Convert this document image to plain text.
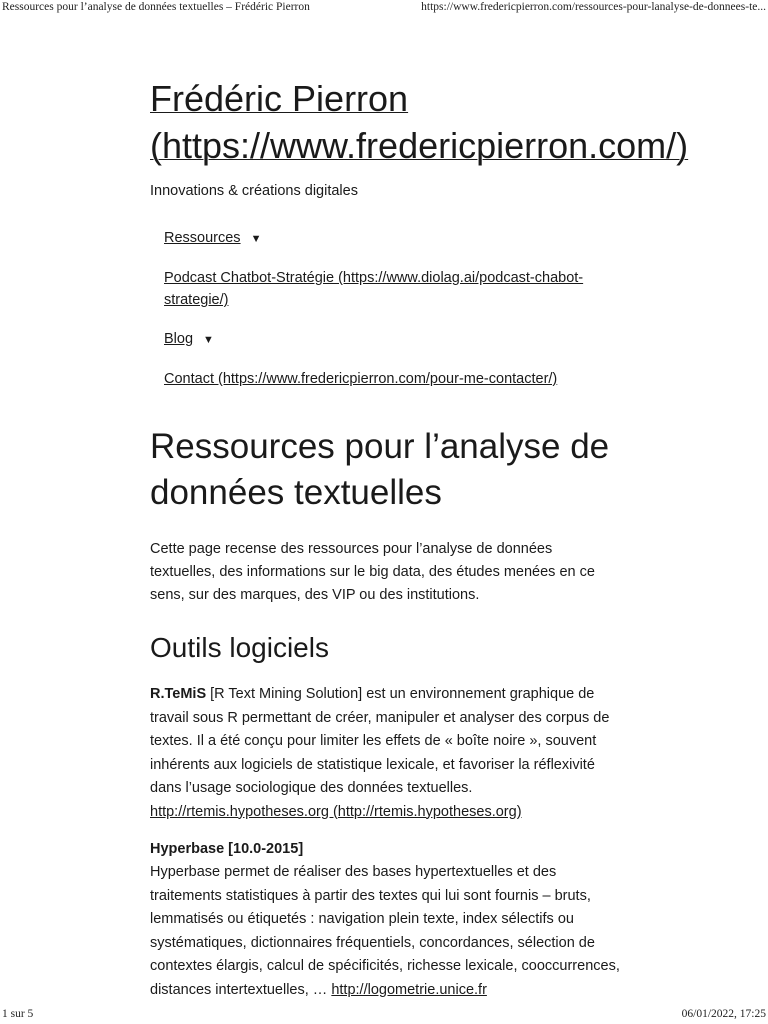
Ressources pour l’analyse de données textuelles – Frédéric Pierron	https://www.fredericpierron.com/ressources-pour-lanalyse-de-donnees-te...
Frédéric Pierron
(https://www.fredericpierron.com/)
Innovations & créations digitales
Ressources ▼
Podcast Chatbot-Stratégie (https://www.diolag.ai/podcast-chabot-strategie/)
Blog ▼
Contact (https://www.fredericpierron.com/pour-me-contacter/)
Ressources pour l’analyse de données textuelles

Cette page recense des ressources pour l’analyse de données textuelles, des informations sur le big data, des études menées en ce sens, sur des marques, des VIP ou des institutions.

Outils logiciels

R.TeMiS [R Text Mining Solution] est un environnement graphique de travail sous R permettant de créer, manipuler et analyser des corpus de textes. Il a été conçu pour limiter les effets de « boîte noire », souvent inhérents aux logiciels de statistique lexicale, et favoriser la réflexivité dans l’usage sociologique des données textuelles. http://rtemis.hypotheses.org (http://rtemis.hypotheses.org)

Hyperbase [10.0-2015]
Hyperbase permet de réaliser des bases hypertextuelles et des traitements statistiques à partir des textes qui lui sont fournis – bruts, lemmatisés ou étiquetés : navigation plein texte, index sélectifs ou systématiques, dictionnaires fréquentiels, concordances, sélection de contextes élargis, calcul de spécificités, richesse lexicale, cooccurrences, distances intertextuelles, … http://logometrie.unice.fr
1 sur 5	06/01/2022, 17:25
